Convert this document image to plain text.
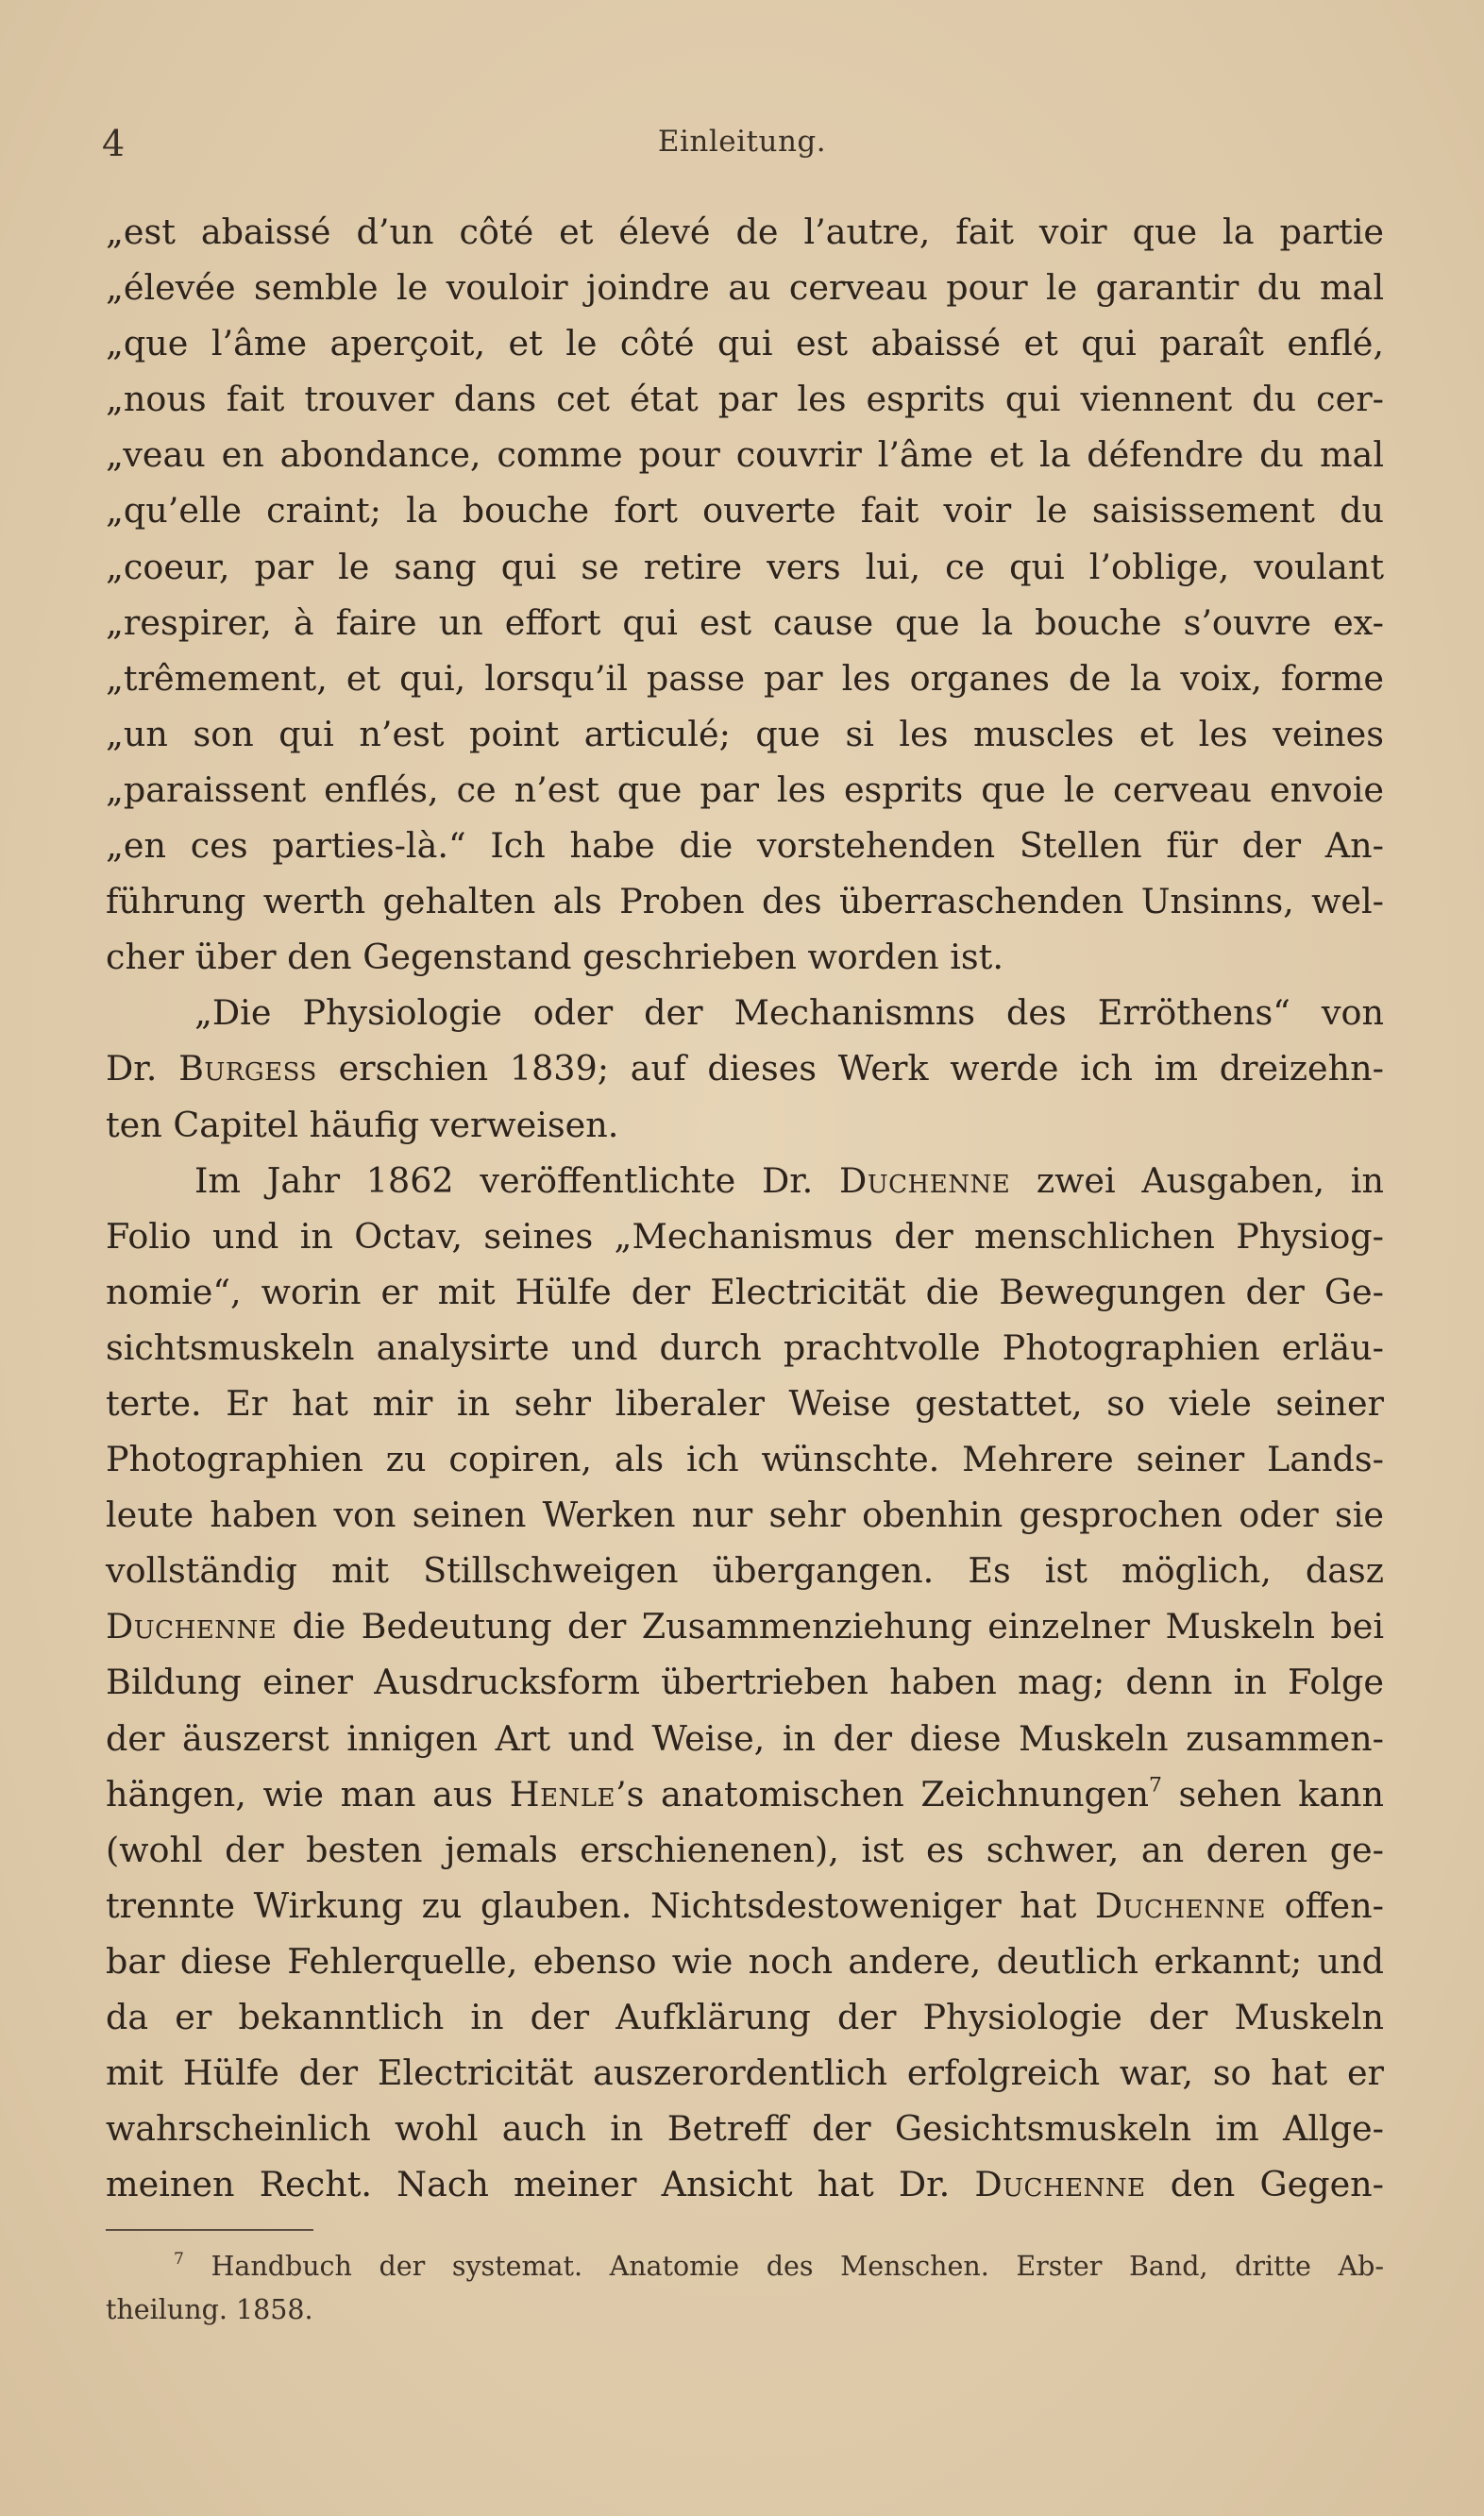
4	Einleitung.
„est abaissé d’un côté et élevé de l’autre, fait voir que la partie
„élevée semble le vouloir joindre au cerveau pour le garantir du mal
„que l’âme aperçoit, et le côté qui est abaissé et qui paraît enflé,
„nous fait trouver dans cet état par les esprits qui viennent du cer-
„veau en abondance, comme pour couvrir l’âme et la défendre du mal
„qu’elle craint; la bouche fort ouverte fait voir le saisissement du
„coeur, par le sang qui se retire vers lui, ce qui l’oblige, voulant
„respirer, à faire un effort qui est cause que la bouche s’ouvre ex-
„trêmement, et qui, lorsqu’il passe par les organes de la voix, forme
„un son qui n’est point articulé; que si les muscles et les veines
„paraissent enflés, ce n’est que par les esprits que le cerveau envoie
„en ces parties-là.“ Ich habe die vorstehenden Stellen für der An-
führung werth gehalten als Proben des überraschenden Unsinns, wel-
cher über den Gegenstand geschrieben worden ist.
„Die Physiologie oder der Mechanismns des Erröthens“ von
Dr. Burgess erschien 1839; auf dieses Werk werde ich im dreizehn-
ten Capitel häufig verweisen.
Im Jahr 1862 veröffentlichte Dr. Duchenne zwei Ausgaben, in
Folio und in Octav, seines „Mechanismus der menschlichen Physiog-
nomie“, worin er mit Hülfe der Electricität die Bewegungen der Ge-
sichtsmuskeln analysirte und durch prachtvolle Photographien erläu-
terte. Er hat mir in sehr liberaler Weise gestattet, so viele seiner
Photographien zu copiren, als ich wünschte. Mehrere seiner Lands-
leute haben von seinen Werken nur sehr obenhin gesprochen oder sie
vollständig mit Stillschweigen übergangen. Es ist möglich, dasz
Duchenne die Bedeutung der Zusammenziehung einzelner Muskeln bei
Bildung einer Ausdrucksform übertrieben haben mag; denn in Folge
der äuszerst innigen Art und Weise, in der diese Muskeln zusammen-
hängen, wie man aus Henle’s anatomischen Zeichnungen$^7$ sehen kann
(wohl der besten jemals erschienenen), ist es schwer, an deren ge-
trennte Wirkung zu glauben. Nichtsdestoweniger hat Duchenne offen-
bar diese Fehlerquelle, ebenso wie noch andere, deutlich erkannt; und
da er bekanntlich in der Aufklärung der Physiologie der Muskeln
mit Hülfe der Electricität auszerordentlich erfolgreich war, so hat er
wahrscheinlich wohl auch in Betreff der Gesichtsmuskeln im Allge-
meinen Recht. Nach meiner Ansicht hat Dr. Duchenne den Gegen-
$^7$ Handbuch der systemat. Anatomie des Menschen. Erster Band, dritte Ab-
theilung. 1858.
